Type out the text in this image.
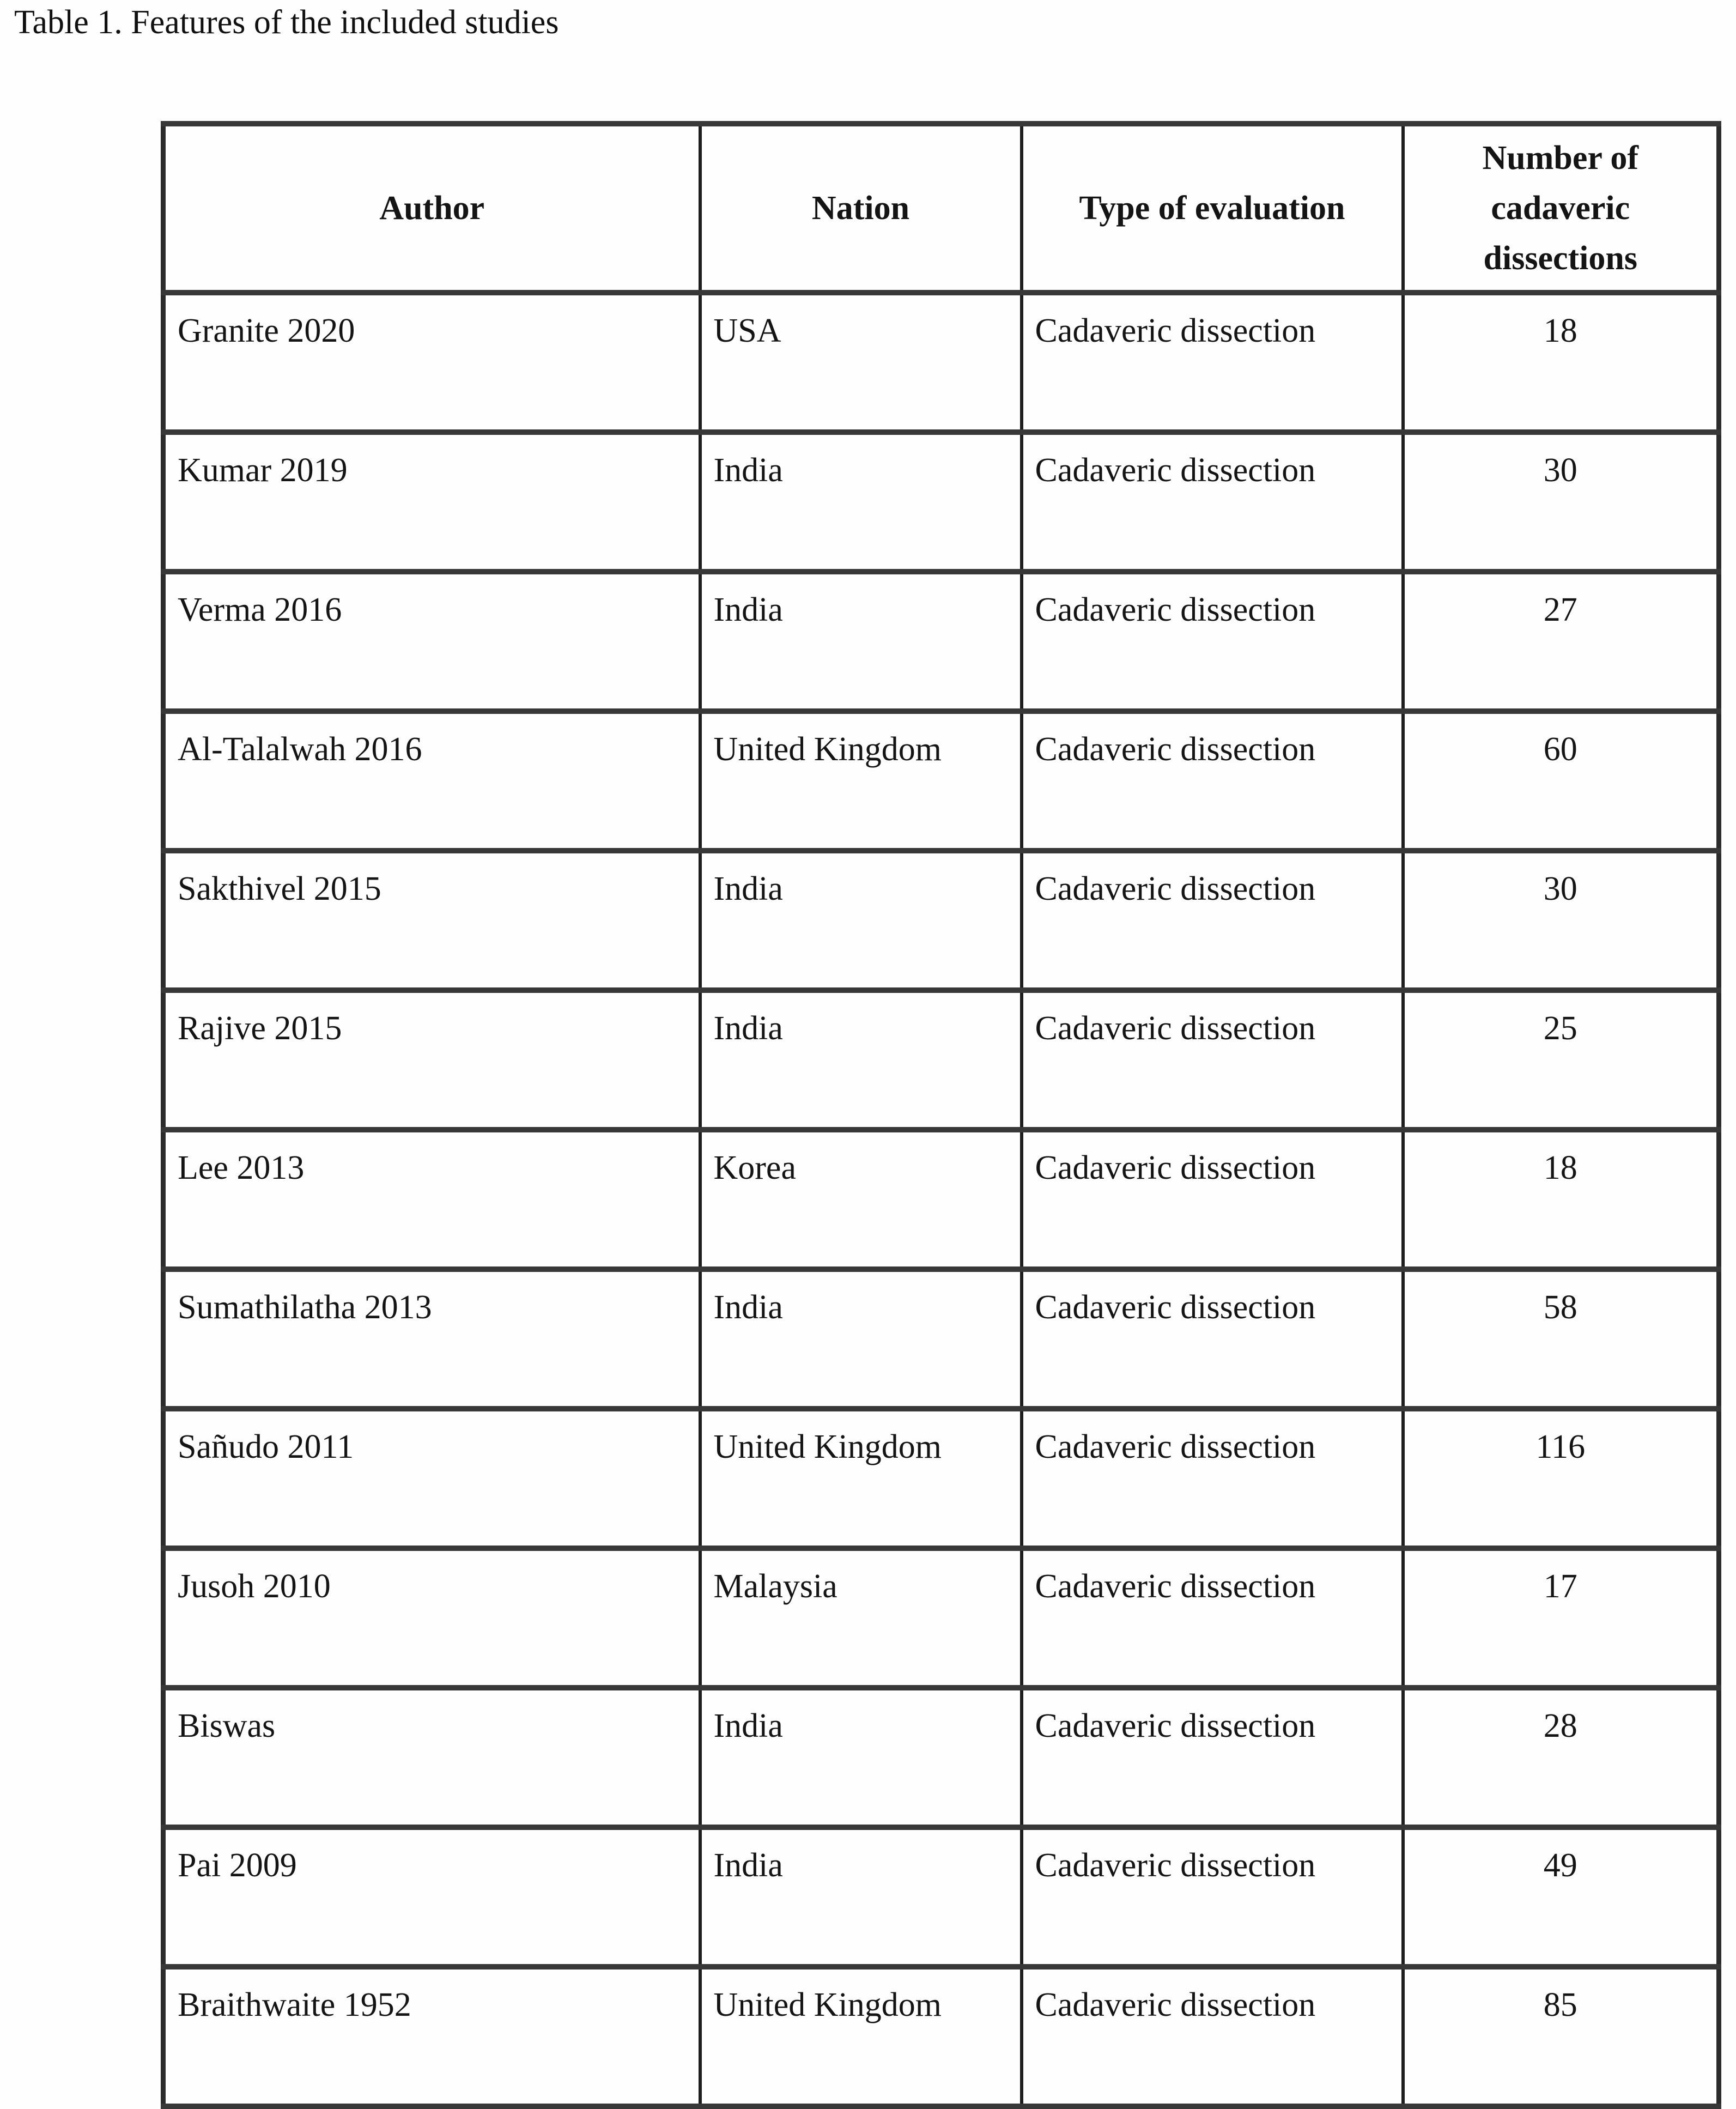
Table 1. Features of the included studies
Author	Nation	Type of evaluation	Number of cadaveric dissections
Granite 2020	USA	Cadaveric dissection	18
Kumar 2019	India	Cadaveric dissection	30
Verma 2016	India	Cadaveric dissection	27
Al-Talalwah 2016	United Kingdom	Cadaveric dissection	60
Sakthivel 2015	India	Cadaveric dissection	30
Rajive 2015	India	Cadaveric dissection	25
Lee 2013	Korea	Cadaveric dissection	18
Sumathilatha 2013	India	Cadaveric dissection	58
Sañudo 2011	United Kingdom	Cadaveric dissection	116
Jusoh 2010	Malaysia	Cadaveric dissection	17
Biswas	India	Cadaveric dissection	28
Pai 2009	India	Cadaveric dissection	49
Braithwaite 1952	United Kingdom	Cadaveric dissection	85
